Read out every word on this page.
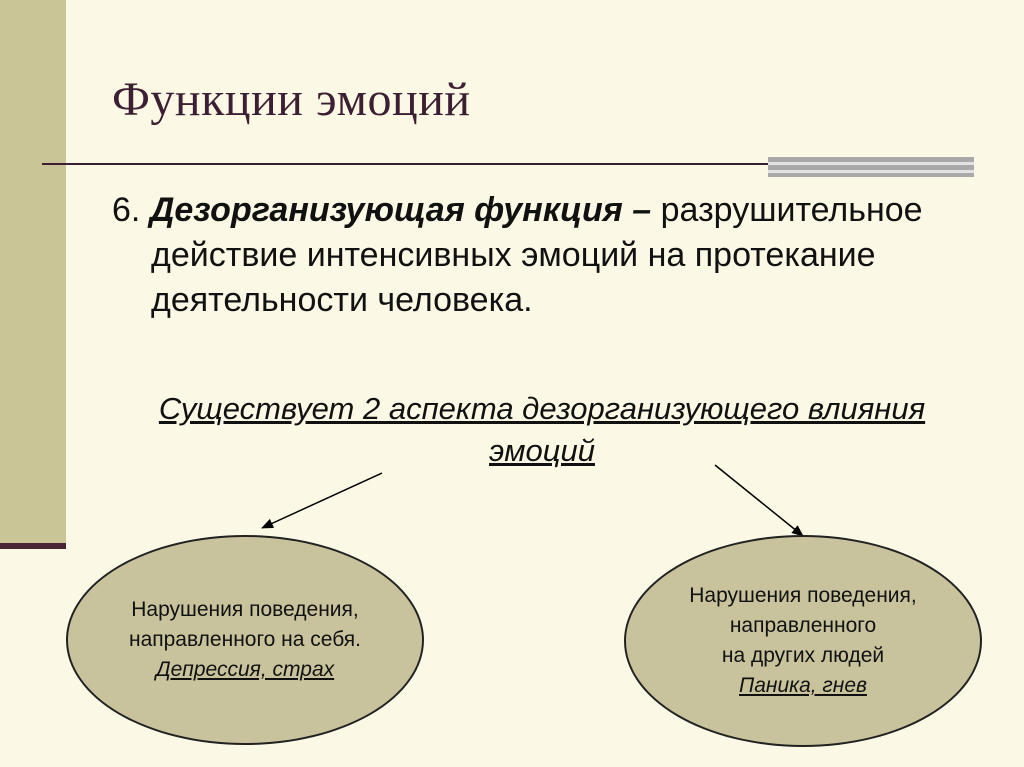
Функции эмоций
6. Дезорганизующая функция – разрушительное действие интенсивных эмоций на протекание деятельности человека.
Существует 2 аспекта дезорганизующего влияния эмоций
Нарушения поведения,
направленного на себя.
Депрессия, страх
Нарушения поведения,
направленного
на других людей
Паника, гнев
